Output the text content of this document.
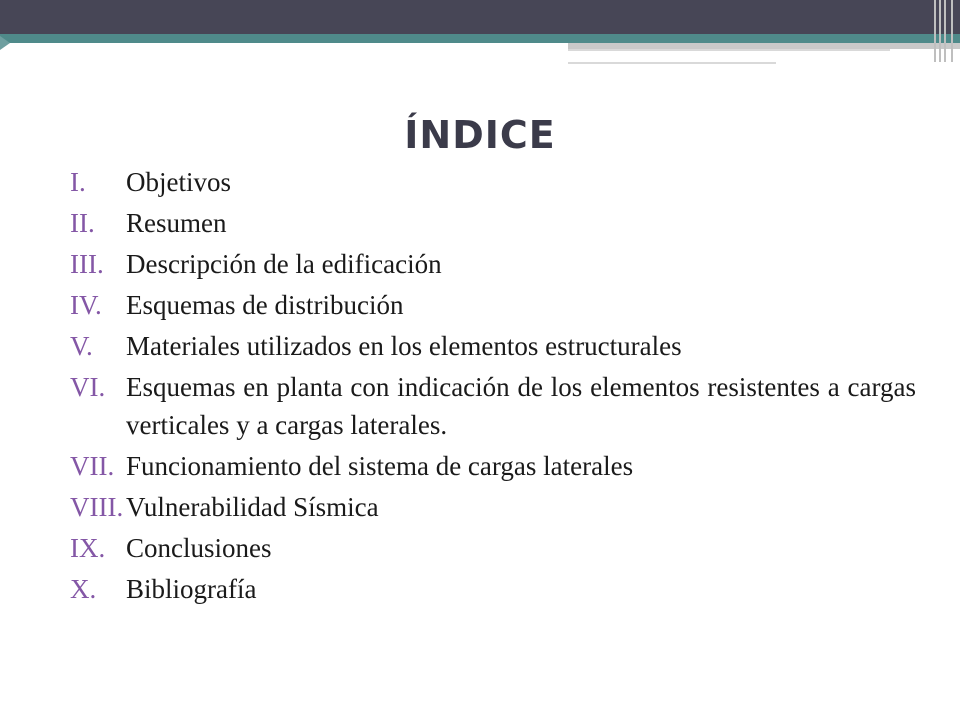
ÍNDICE
I. Objetivos
II. Resumen
III. Descripción de la edificación
IV. Esquemas de distribución
V. Materiales utilizados en los elementos estructurales
VI. Esquemas en planta con indicación de los elementos resistentes a cargas verticales y a cargas laterales.
VII. Funcionamiento del sistema de cargas laterales
VIII. Vulnerabilidad Sísmica
IX. Conclusiones
X. Bibliografía
